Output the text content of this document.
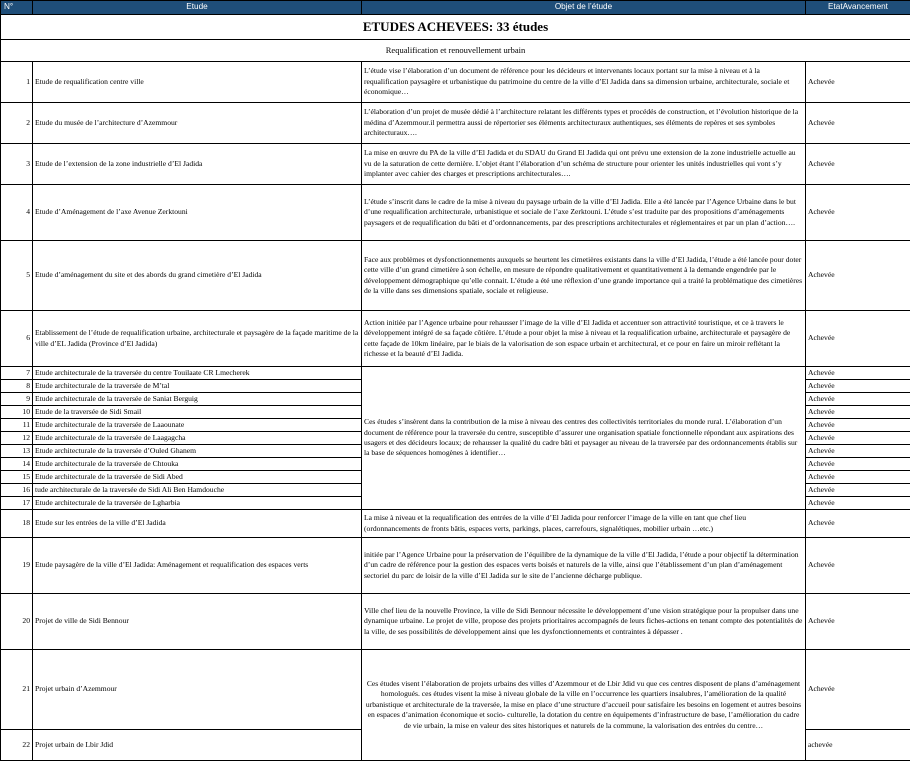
N°	Etude	Objet de l’étude	EtatAvancement
ETUDES ACHEVEES: 33 études			
Requalification et renouvellement urbain			
1	Etude de requalification centre ville	L’étude vise l’élaboration d’un document de référence pour les décideurs et intervenants locaux portant sur la mise à niveau et à la requalification paysagère et urbanistique du patrimoine du centre de la ville d’El Jadida dans sa dimension urbaine, architecturale, sociale et économique…	Achevée
2	Etude du musée de l’architecture d’Azemmour	L’élaboration d’un projet de musée dédié à l’architecture relatant les différents types et procédés de construction, et l’évolution historique de la médina d’Azemmour.il permettra aussi de répertorier ses éléments architecturaux authentiques, ses éléments de repères et ses symboles architecturaux….	Achevée
3	Etude de l’extension de la zone industrielle d’El Jadida	La mise en œuvre du PA de la ville d’El Jadida et du SDAU du Grand El Jadida qui ont prévu une extension de la zone industrielle actuelle au vu de la saturation de cette dernière. L’objet étant l’élaboration d’un schéma de structure pour orienter les unités industrielles qui vont s’y implanter avec cahier des charges et prescriptions architecturales….	Achevée
4	Etude d’Aménagement de l’axe Avenue Zerktouni	L’étude s’inscrit dans le cadre de la mise à niveau du paysage urbain de la ville d’El Jadida. Elle a été lancée par l’Agence Urbaine dans le but d’une requalification architecturale, urbanistique et sociale de l’axe Zerktouni. L’étude s’est traduite par des propositions d’aménagements paysagers et de requalification du bâti et d’ordonnancements, par des prescriptions architecturales et réglementaires et par un plan d’action….	Achevée
5	Etude d’aménagement du site et des abords du grand cimetière d’El Jadida	Face aux problèmes et dysfonctionnements auxquels se heurtent les cimetières existants dans la ville d’El Jadida, l’étude a été lancée pour doter cette ville d’un grand cimetière à son échelle, en mesure de répondre qualitativement et quantitativement à la demande engendrée par le développement démographique qu’elle connait. L’étude a été une réflexion d’une grande importance qui a traité la problématique des cimetières de la ville dans ses dimensions spatiale, sociale et religieuse.	Achevée
6	Etablissement de l’étude de requalification urbaine, architecturale et paysagère de la façade maritime de la ville d’EL Jadida (Province d’El Jadida)	Action initiée par l’Agence urbaine pour rehausser l’image de la ville d’El Jadida et accentuer son attractivité touristique, et ce à travers le développement intégré de sa façade côtière. L’étude a pour objet la mise à niveau et la requalification urbaine, architecturale et paysagère de cette façade de 10km linéaire, par le biais de la valorisation de son espace urbain et architectural, et ce pour en faire un miroir reflétant la richesse et la beauté d’El Jadida.	Achevée
7	Etude architecturale de la traversée du centre Touilaate CR Lmecherek	Ces études s’insèrent dans la contribution de la mise à niveau des centres des collectivités territoriales du monde rural. L’élaboration d’un document de référence pour la traversée du centre, susceptible d’assurer une organisation spatiale fonctionnelle répondant aux aspirations des usagers et des décideurs locaux; de rehausser la qualité du cadre bâti et paysager au niveau de la traversée par des ordonnancements établis sur la base de séquences homogènes à identifier…	Achevée
8	Etude architecturale de la traversée de M’tal		Achevée
9	Etude architecturale de la traversée de Saniat Berguig		Achevée
10	Etude de la traversée de Sidi Smail		Achevée
11	Etude architecturale de la traversée de Laaounate		Achevée
12	Etude architecturale de la traversée de Laagagcha		Achevée
13	Etude architecturale de la traversée d’Ouled Ghanem		Achevée
14	Etude architecturale de la traversée de Chtouka		Achevée
15	Etude architecturale de la traversée de Sidi Abed		Achevée
16	tude architecturale de la traversée de Sidi Ali Ben Hamdouche		Achevée
17	Etude architecturale de la traversée de Lgharbia		Achevée
18	Etude sur les entrées de la ville d’El Jadida	La mise à niveau et la requalification des entrées de la ville d’El Jadida pour renforcer l’image de la ville en tant que chef lieu (ordonnancements de fronts bâtis, espaces verts, parkings, places, carrefours, signalétiques, mobilier urbain …etc.)	Achevée
19	Etude paysagère de la ville d’El Jadida: Aménagement et requalification des espaces verts	initiée par l’Agence Urbaine pour la préservation de l’équilibre de la dynamique de la ville d’El Jadida, l’étude a pour objectif la détermination d’un cadre de référence pour la gestion des espaces verts boisés et naturels de la ville, ainsi que l’établissement d’un plan d’aménagement sectoriel du parc de loisir de la ville d’El Jadida sur le site de l’ancienne décharge publique.	Achevée
20	Projet de ville de Sidi Bennour	Ville chef lieu de la nouvelle Province, la ville de Sidi Bennour nécessite le développement d’une vision stratégique pour la propulser dans une dynamique urbaine. Le projet de ville, propose des projets prioritaires accompagnés de leurs fiches-actions en tenant compte des potentialités de la ville, de ses possibilités de développement ainsi que les dysfonctionnements et contraintes à dépasser .	Achevée
21	Projet urbain d’Azemmour	Ces études visent l’élaboration de projets urbains des villes d’Azemmour et de Lbir Jdid vu que ces centres disposent de plans d’aménagement homologués. ces études visent la mise à niveau globale de la ville en l’occurrence les quartiers insalubres, l’amélioration de la qualité urbanistique et architecturale de la traversée, la mise en place d’une structure d’accueil pour satisfaire les besoins en logement et autres besoins en espaces d’animation économique et socio- culturelle, la dotation du centre en équipements d’infrastructure de base, l’amélioration du cadre de vie urbain, la mise en valeur des sites historiques et naturels de la commune, la valorisation des entrées du centre…	Achevée
22	Projet urbain de Lbir Jdid		achevée
